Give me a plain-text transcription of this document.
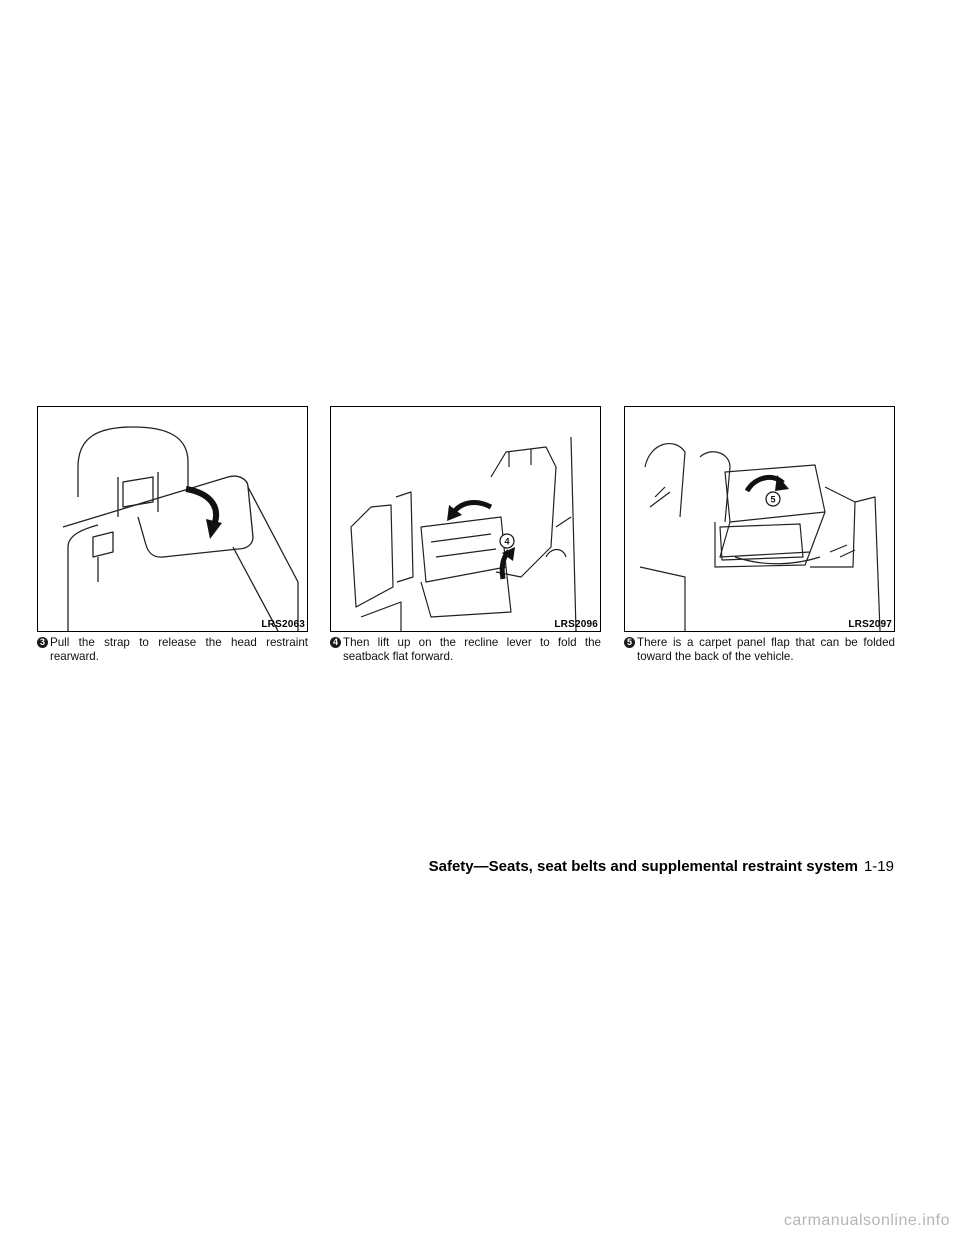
LRS2063
3 Pull the strap to release the head restraint rearward.
4
LRS2096
4 Then lift up on the recline lever to fold the seatback flat forward.
5
LRS2097
5 There is a carpet panel flap that can be folded toward the back of the vehicle.
Safety—Seats, seat belts and supplemental restraint system 1-19
carmanualsonline.info
